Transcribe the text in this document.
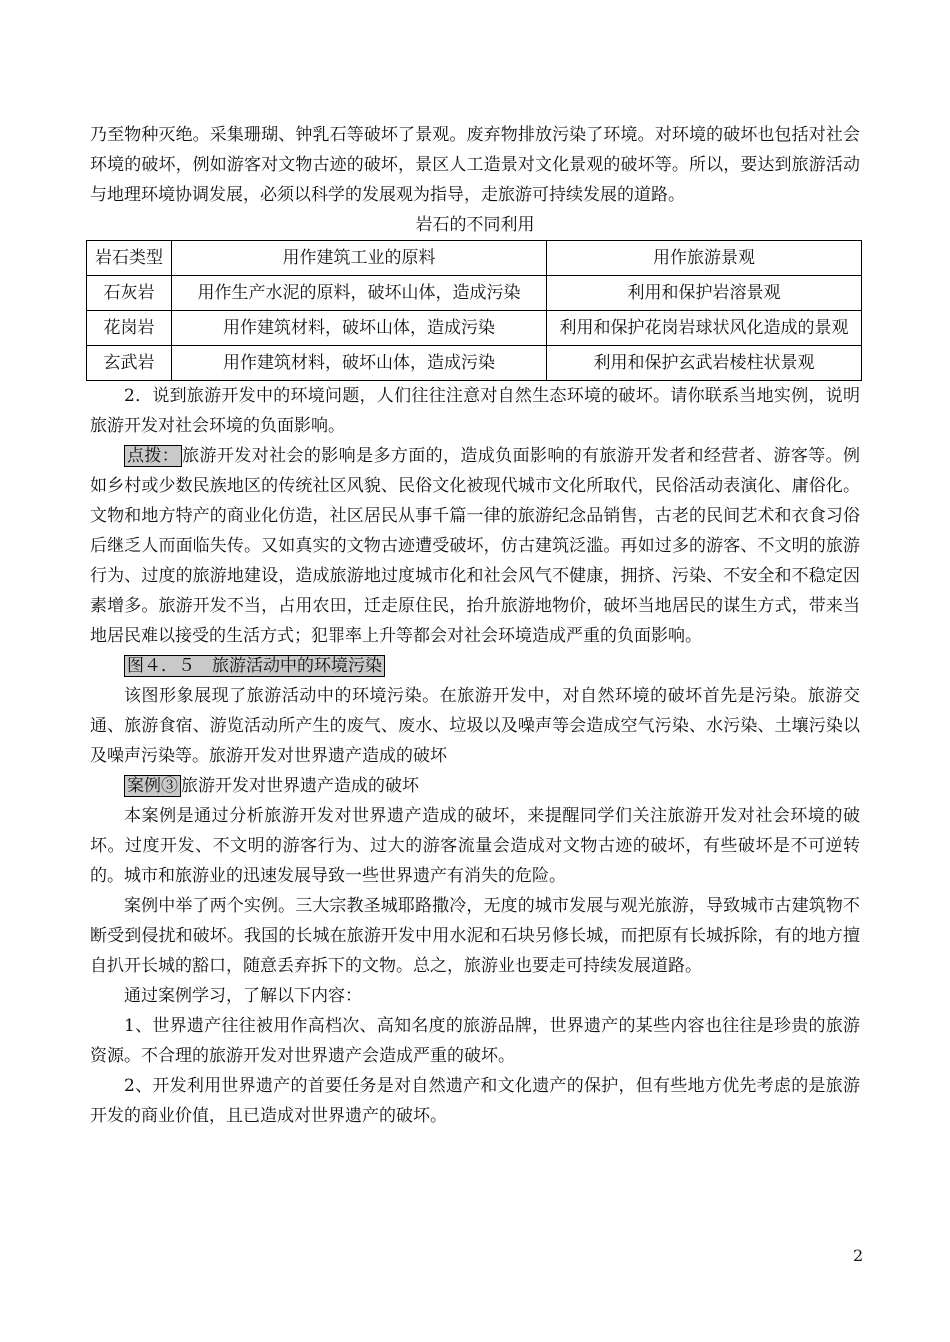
乃至物种灭绝。采集珊瑚、钟乳石等破坏了景观。废弃物排放污染了环境。对环境的破坏也包括对社会环境的破坏，例如游客对文物古迹的破坏，景区人工造景对文化景观的破坏等。所以，要达到旅游活动与地理环境协调发展，必须以科学的发展观为指导，走旅游可持续发展的道路。

岩石的不同利用

岩石类型	用作建筑工业的原料	用作旅游景观
石灰岩	用作生产水泥的原料，破坏山体，造成污染	利用和保护岩溶景观
花岗岩	用作建筑材料，破坏山体，造成污染	利用和保护花岗岩球状风化造成的景观
玄武岩	用作建筑材料，破坏山体，造成污染	利用和保护玄武岩棱柱状景观

2．说到旅游开发中的环境问题，人们往往注意对自然生态环境的破坏。请你联系当地实例，说明旅游开发对社会环境的负面影响。

点拨： 旅游开发对社会的影响是多方面的，造成负面影响的有旅游开发者和经营者、游客等。例如乡村或少数民族地区的传统社区风貌、民俗文化被现代城市文化所取代，民俗活动表演化、庸俗化。文物和地方特产的商业化仿造，社区居民从事千篇一律的旅游纪念品销售，古老的民间艺术和衣食习俗后继乏人而面临失传。又如真实的文物古迹遭受破坏，仿古建筑泛滥。再如过多的游客、不文明的旅游行为、过度的旅游地建设，造成旅游地过度城市化和社会风气不健康，拥挤、污染、不安全和不稳定因素增多。旅游开发不当，占用农田，迁走原住民，抬升旅游地物价，破坏当地居民的谋生方式，带来当地居民难以接受的生活方式；犯罪率上升等都会对社会环境造成严重的负面影响。

图４．５　旅游活动中的环境污染

该图形象展现了旅游活动中的环境污染。在旅游开发中，对自然环境的破坏首先是污染。旅游交通、旅游食宿、游览活动所产生的废气、废水、垃圾以及噪声等会造成空气污染、水污染、土壤污染以及噪声污染等。旅游开发对世界遗产造成的破坏

案例③ 旅游开发对世界遗产造成的破坏

本案例是通过分析旅游开发对世界遗产造成的破坏，来提醒同学们关注旅游开发对社会环境的破坏。过度开发、不文明的游客行为、过大的游客流量会造成对文物古迹的破坏，有些破坏是不可逆转的。城市和旅游业的迅速发展导致一些世界遗产有消失的危险。

案例中举了两个实例。三大宗教圣城耶路撒冷，无度的城市发展与观光旅游，导致城市古建筑物不断受到侵扰和破坏。我国的长城在旅游开发中用水泥和石块另修长城，而把原有长城拆除，有的地方擅自扒开长城的豁口，随意丢弃拆下的文物。总之，旅游业也要走可持续发展道路。

通过案例学习，了解以下内容：

1、世界遗产往往被用作高档次、高知名度的旅游品牌，世界遗产的某些内容也往往是珍贵的旅游资源。不合理的旅游开发对世界遗产会造成严重的破坏。

2、开发利用世界遗产的首要任务是对自然遗产和文化遗产的保护，但有些地方优先考虑的是旅游开发的商业价值，且已造成对世界遗产的破坏。

2
